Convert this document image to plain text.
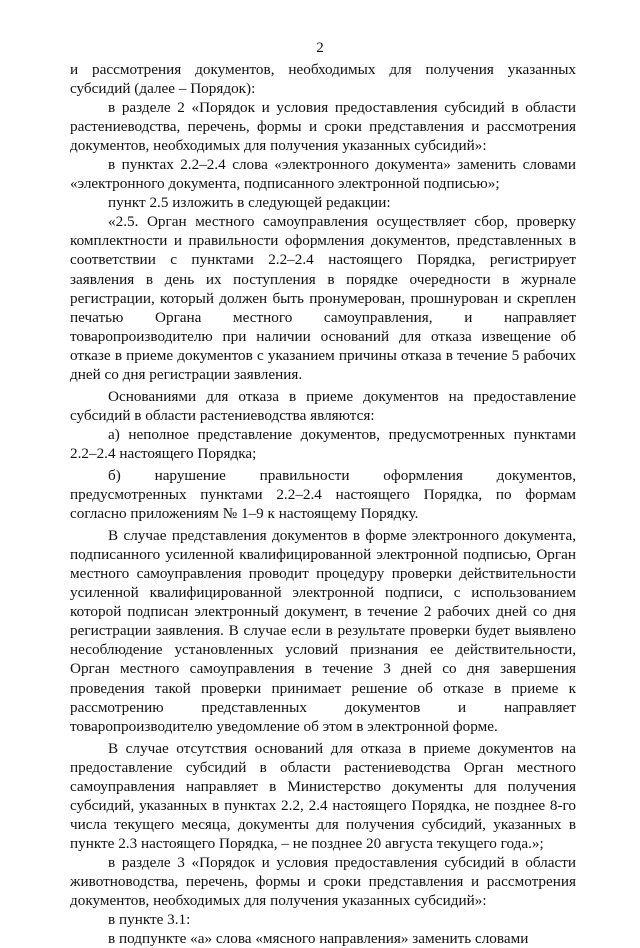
2

и рассмотрения документов, необходимых для получения указанных субсидий (далее – Порядок):

в разделе 2 «Порядок и условия предоставления субсидий в области растениеводства, перечень, формы и сроки представления и рассмотрения документов, необходимых для получения указанных субсидий»:

в пунктах 2.2–2.4 слова «электронного документа» заменить словами «электронного документа, подписанного электронной подписью»;

пункт 2.5 изложить в следующей редакции:

«2.5. Орган местного самоуправления осуществляет сбор, проверку комплектности и правильности оформления документов, представленных в соответствии с пунктами 2.2–2.4 настоящего Порядка, регистрирует заявления в день их поступления в порядке очередности в журнале регистрации, который должен быть пронумерован, прошнурован и скреплен печатью Органа местного самоуправления, и направляет товаропроизводителю при наличии оснований для отказа извещение об отказе в приеме документов с указанием причины отказа в течение 5 рабочих дней со дня регистрации заявления.

Основаниями для отказа в приеме документов на предоставление субсидий в области растениеводства являются:

а) неполное представление документов, предусмотренных пунктами 2.2–2.4 настоящего Порядка;

б) нарушение правильности оформления документов, предусмотренных пунктами 2.2–2.4 настоящего Порядка, по формам согласно приложениям № 1–9 к настоящему Порядку.

В случае представления документов в форме электронного документа, подписанного усиленной квалифицированной электронной подписью, Орган местного самоуправления проводит процедуру проверки действительности усиленной квалифицированной электронной подписи, с использованием которой подписан электронный документ, в течение 2 рабочих дней со дня регистрации заявления. В случае если в результате проверки будет выявлено несоблюдение установленных условий признания ее действительности, Орган местного самоуправления в течение 3 дней со дня завершения проведения такой проверки принимает решение об отказе в приеме к рассмотрению представленных документов и направляет товаропроизводителю уведомление об этом в электронной форме.

В случае отсутствия оснований для отказа в приеме документов на предоставление субсидий в области растениеводства Орган местного самоуправления направляет в Министерство документы для получения субсидий, указанных в пунктах 2.2, 2.4 настоящего Порядка, не позднее 8-го числа текущего месяца, документы для получения субсидий, указанных в пункте 2.3 настоящего Порядка, – не позднее 20 августа текущего года.»;

в разделе 3 «Порядок и условия предоставления субсидий в области животноводства, перечень, формы и сроки представления и рассмотрения документов, необходимых для получения указанных субсидий»:

в пункте 3.1:

в подпункте «а» слова «мясного направления» заменить словами
